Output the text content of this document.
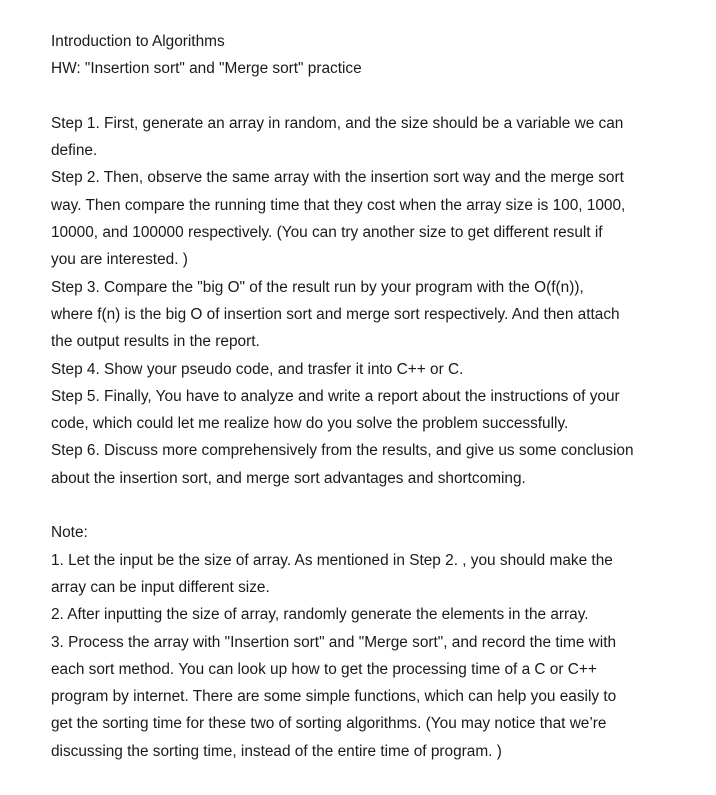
Introduction to Algorithms
HW: "Insertion sort" and "Merge sort" practice
Step 1. First, generate an array in random, and the size should be a variable we can
define.
Step 2. Then, observe the same array with the insertion sort way and the merge sort
way. Then compare the running time that they cost when the array size is 100, 1000,
10000, and 100000 respectively. (You can try another size to get different result if
you are interested. )
Step 3. Compare the "big O" of the result run by your program with the O(f(n)),
where f(n) is the big O of insertion sort and merge sort respectively. And then attach
the output results in the report.
Step 4. Show your pseudo code, and trasfer it into C++ or C.
Step 5. Finally, You have to analyze and write a report about the instructions of your
code, which could let me realize how do you solve the problem successfully.
Step 6. Discuss more comprehensively from the results, and give us some conclusion
about the insertion sort, and merge sort advantages and shortcoming.
Note:
1. Let the input be the size of array. As mentioned in Step 2. , you should make the
array can be input different size.
2. After inputting the size of array, randomly generate the elements in the array.
3. Process the array with "Insertion sort" and "Merge sort", and record the time with
each sort method. You can look up how to get the processing time of a C or C++
program by internet. There are some simple functions, which can help you easily to
get the sorting time for these two of sorting algorithms. (You may notice that we’re
discussing the sorting time, instead of the entire time of program. )
